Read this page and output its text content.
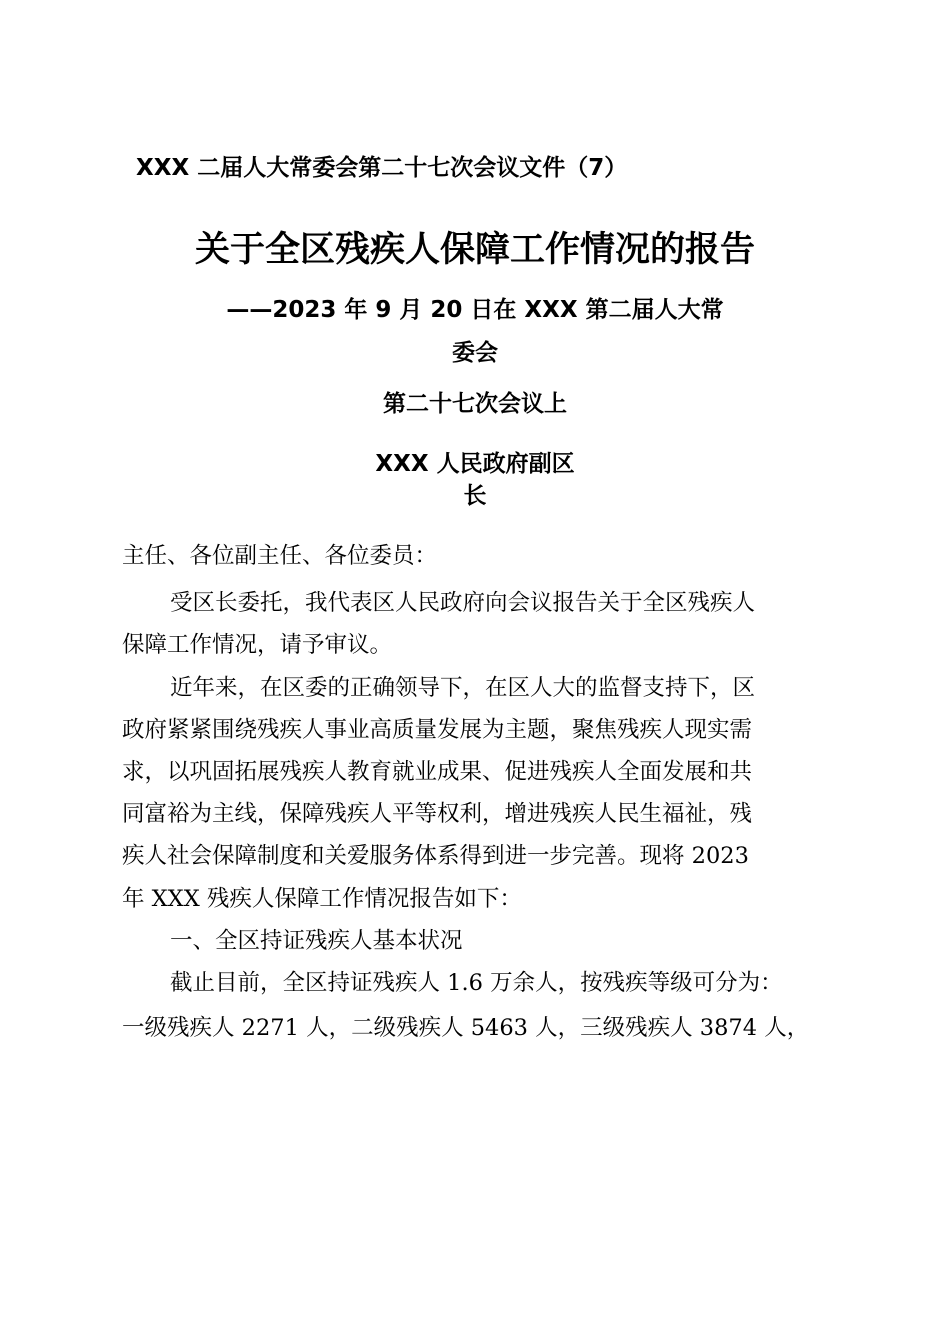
XXX 二届人大常委会第二十七次会议文件（7）
关于全区残疾人保障工作情况的报告
——2023 年 9 月 20 日在 XXX 第二届人大常
委会
第二十七次会议上
XXX 人民政府副区
长
主任、各位副主任、各位委员：
受区长委托，我代表区人民政府向会议报告关于全区残疾人
保障工作情况，请予审议。
近年来，在区委的正确领导下，在区人大的监督支持下，区
政府紧紧围绕残疾人事业高质量发展为主题，聚焦残疾人现实需
求，以巩固拓展残疾人教育就业成果、促进残疾人全面发展和共
同富裕为主线，保障残疾人平等权利，增进残疾人民生福祉，残
疾人社会保障制度和关爱服务体系得到进一步完善。现将 2023
年 XXX 残疾人保障工作情况报告如下：
一、全区持证残疾人基本状况
截止目前，全区持证残疾人 1.6 万余人，按残疾等级可分为：
一级残疾人 2271 人，二级残疾人 5463 人，三级残疾人 3874 人，
